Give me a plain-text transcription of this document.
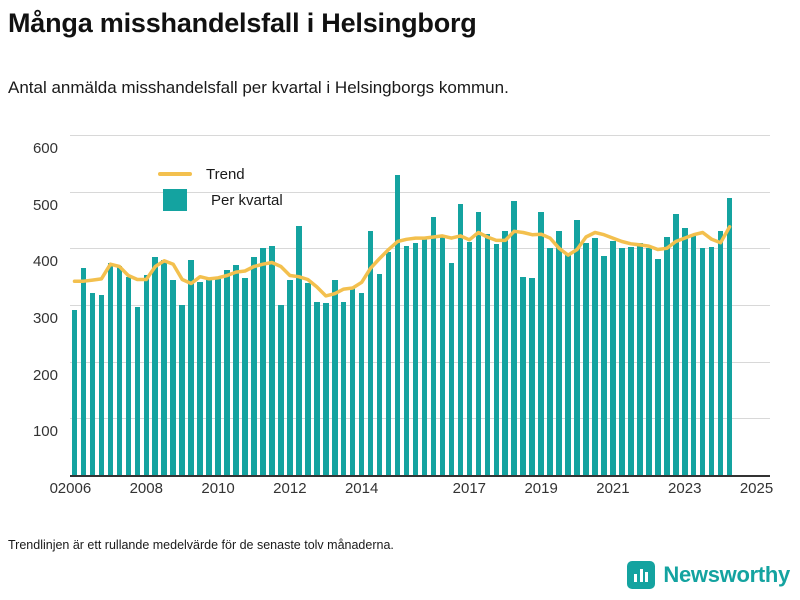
Många misshandelsfall i Helsingborg
Antal anmälda misshandelsfall per kvartal i Helsingborgs kommun.
0
100
200
300
400
500
600
Trend
Per kvartal
2006	2008	2010	2012	2014	2017	2019	2021	2023	2025
Trendlinjen är ett rullande medelvärde för de senaste tolv månaderna.
Newsworthy
